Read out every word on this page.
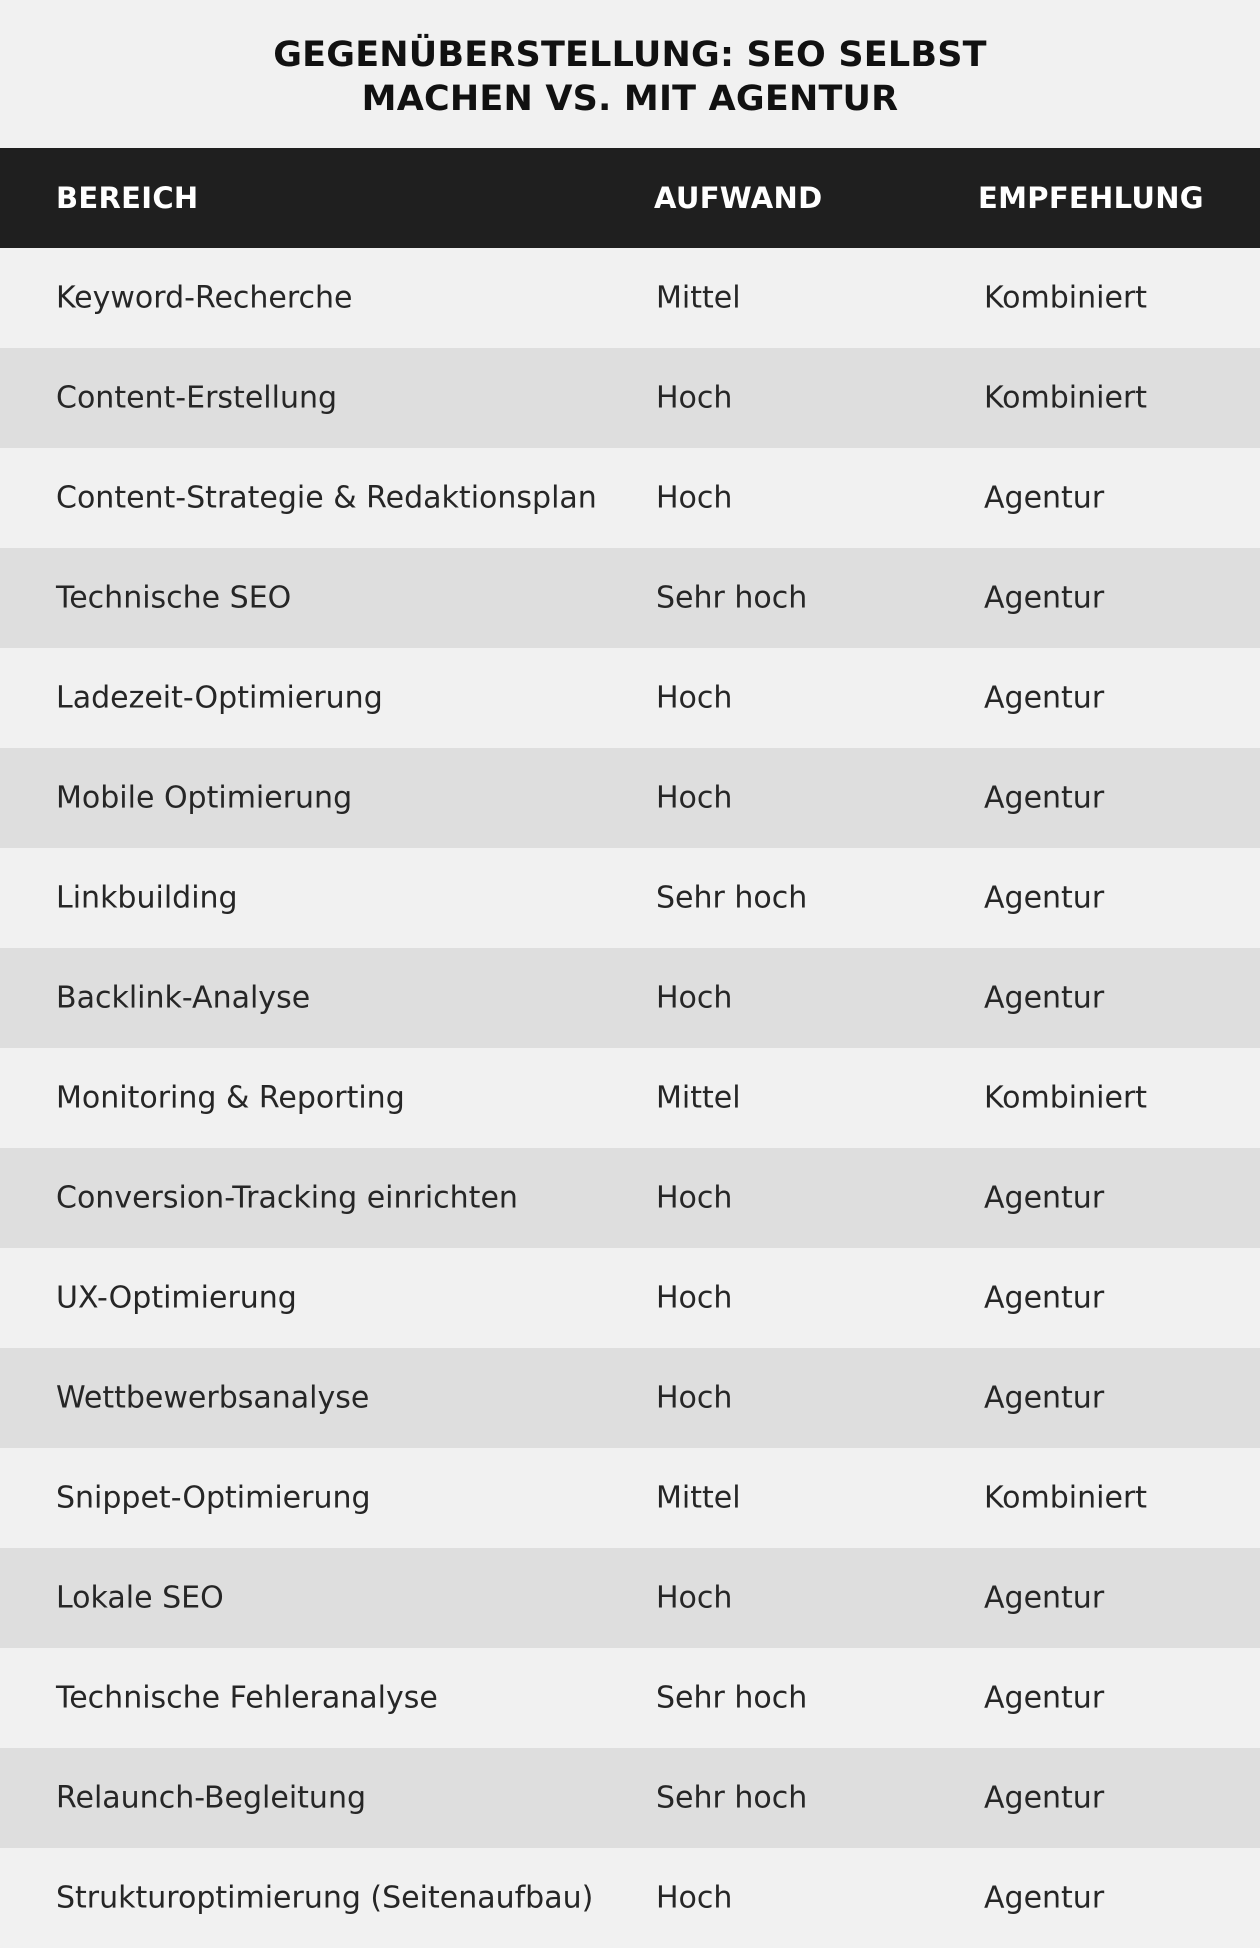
GEGENÜBERSTELLUNG: SEO SELBST MACHEN VS. MIT AGENTUR
BEREICH	AUFWAND	EMPFEHLUNG
Keyword-Recherche	Mittel	Kombiniert
Content-Erstellung	Hoch	Kombiniert
Content-Strategie & Redaktionsplan Hoch	Agentur
Technische SEO	Sehr hoch	Agentur
Ladezeit-Optimierung	Hoch	Agentur
Mobile Optimierung	Hoch	Agentur
Linkbuilding	Sehr hoch	Agentur
Backlink-Analyse	Hoch	Agentur
Monitoring & Reporting	Mittel	Kombiniert
Conversion-Tracking einrichten	Hoch	Agentur
UX-Optimierung	Hoch	Agentur
Wettbewerbsanalyse	Hoch	Agentur
Snippet-Optimierung	Mittel	Kombiniert
Lokale SEO	Hoch	Agentur
Technische Fehleranalyse	Sehr hoch	Agentur
Relaunch-Begleitung	Sehr hoch	Agentur
Strukturoptimierung (Seitenaufbau) Hoch	Agentur
